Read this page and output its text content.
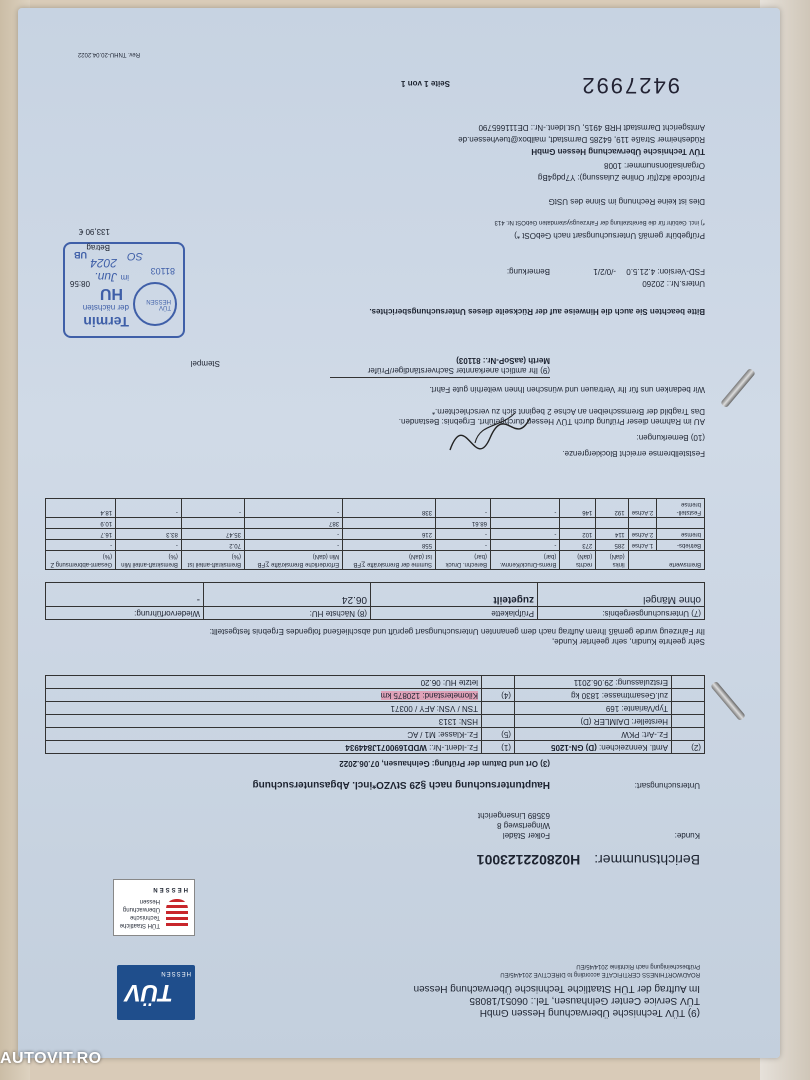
TÜV
HESSEN
(9) TÜV Technische Überwachung Hessen GmbH
TÜV Service Center Gelnhausen, Tel.: 06051/18085
Im Auftrag der TÜH Staatliche Technische Überwachung Hessen
ROADWORTHINESS CERTIFICATE according to DIRECTIVE 2014/45/EU
Prüfbescheinigung nach Richtlinie 2014/45/EU
TÜH Staatliche
Technische
Überwachung
Hessen
HESSEN
Berichtsnummer: H028022123001
Kunde:
Folker Städel
Wingertsweg 8
63589 Linsengericht
Untersuchungsart:
Hauptuntersuchung nach §29 StVZO*incl. Abgasuntersuchung
(3) Ort und Datum der Prüfung: Gelnhausen, 07.06.2022
(2)	Amtl. Kennzeichen: (D) GN-1205	(1)	Fz.-Ident.-Nr.: WDD1690071J844934
	Fz.-Art: PKW	(5)	Fz.-Klasse: M1 / AC
	Hersteller: DAIMLER (D)		HSN: 1313
	Typ/Variante: 169		TSN / VSN: AFY / 00371
	zul.Gesamtmasse: 1830 kg	(4)	Kilometerstand: 120875 km
	Erstzulassung: 29.06.2011		letzte HU: 06.20
Sehr geehrte Kundin, sehr geehrter Kunde,
Ihr Fahrzeug wurde gemäß Ihrem Auftrag nach dem genannten Untersuchungsart geprüft und abschließend folgendes Ergebnis festgestellt:
(7) Untersuchungsergebnis:	Prüfplakette	(8) Nächste HU:	Wiedervorführung:
ohne Mängel	zugeteilt	06.24	-
Bremswerte		links (daN)	rechts (daN)	Brems-Druck/Kennw. (bar)	Berechn. Druck (bar)	Summe der Bremskräfte ∑FB Ist (daN)	Erforderliche Bremskräfte ∑FB Min (daN)	Bremskraft-anteil Ist (%)	Bremskraft-anteil Min (%)	Gesamt-abbremsung Z (%)
Betriebs-	1.Achse	285	273	-	-	558	-	70.2	-	-
bremse	2.Achse	114	102	-	-	216	-	35.47	83.3	16.7
					68.61		387			10.9
Feststell- bremse	2.Achse	192	146	-	-	338	-	-	-	18.4
Feststellbremse erreicht Blockiergrenze.
(10) Bemerkungen:
AU im Rahmen dieser Prüfung durch TÜV Hessen durchgeführt. Ergebnis: Bestanden.
Das Tragbild der Bremsscheiben an Achse 2 beginnt sich zu verschlechtern.*
Wir bedanken uns für Ihr Vertrauen und wünschen Ihnen weiterhin gute Fahrt.
(9) Ihr amtlich anerkannter Sachverständiger/Prüfer
Merth (aaSoP-Nr.: 81103)
Stempel
TÜV HESSEN
Termin
der nächsten
HU
im
Jun. 2024
81103
SO
UB
Bitte beachten Sie auch die Hinweise auf der Rückseite dieses Untersuchungsberichtes.
Unters.Nr.: 20260
08:56
FSD-Version: 4.21.5.0 -/0/2/1
Bemerkung:
Betrag
Prüfgebühr gemäß Untersuchungsart nach GebOSt *)
133,90 €
*) incl. Gebühr für die Bereitstellung der Fahrzeugsystemdaten GebOSt Nr. 413
Dies ist keine Rechnung im Sinne des UStG
Prüfcode ikfz(für Online Zulassung): Y7pdg4Bg
Organisationsnummer: 1008
TÜV Technische Überwachung Hessen GmbH
Rüdesheimer Straße 119, 64285 Darmstadt, mailbox@tuevhessen.de
Amtsgericht Darmstadt HRB 4915, Ust.Ident.-Nr.: DE111665790
9427992
Seite 1 von 1
Rev. TNHU-20.04.2022
AUTOVIT.RO
